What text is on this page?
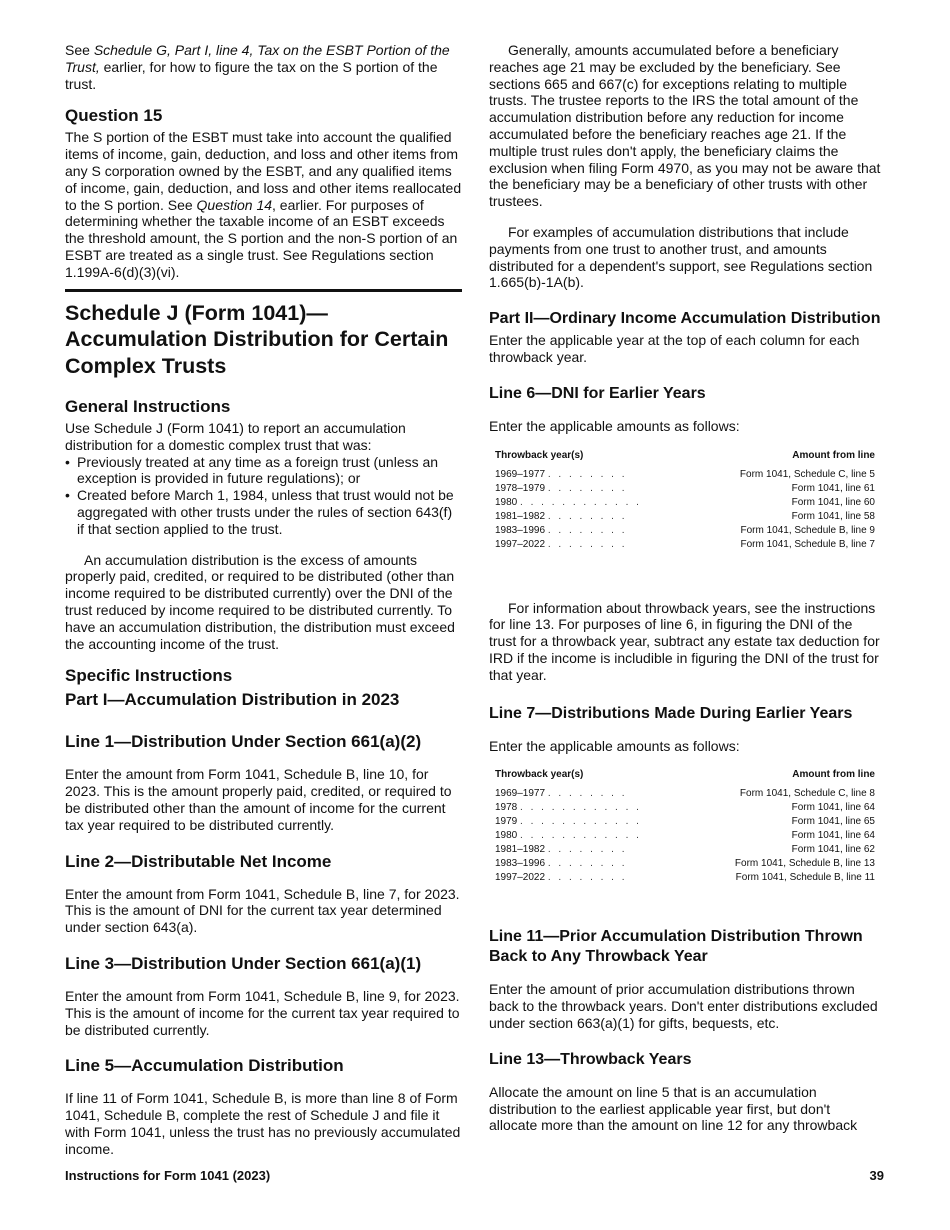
See Schedule G, Part I, line 4, Tax on the ESBT Portion of the Trust, earlier, for how to figure the tax on the S portion of the trust.

Question 15

The S portion of the ESBT must take into account the qualified items of income, gain, deduction, and loss and other items from any S corporation owned by the ESBT, and any qualified items of income, gain, deduction, and loss and other items reallocated to the S portion. See Question 14, earlier. For purposes of determining whether the taxable income of an ESBT exceeds the threshold amount, the S portion and the non-S portion of an ESBT are treated as a single trust. See Regulations section 1.199A-6(d)(3)(vi).

Schedule J (Form 1041)—Accumulation Distribution for Certain Complex Trusts
General Instructions

Use Schedule J (Form 1041) to report an accumulation distribution for a domestic complex trust that was:

• Previously treated at any time as a foreign trust (unless an exception is provided in future regulations); or
• Created before March 1, 1984, unless that trust would not be aggregated with other trusts under the rules of section 643(f) if that section applied to the trust.

An accumulation distribution is the excess of amounts properly paid, credited, or required to be distributed (other than income required to be distributed currently) over the DNI of the trust reduced by income required to be distributed currently. To have an accumulation distribution, the distribution must exceed the accounting income of the trust.

Specific Instructions
Part I—Accumulation Distribution in 2023
Line 1—Distribution Under Section 661(a)(2)

Enter the amount from Form 1041, Schedule B, line 10, for 2023. This is the amount properly paid, credited, or required to be distributed other than the amount of income for the current tax year required to be distributed currently.

Line 2—Distributable Net Income

Enter the amount from Form 1041, Schedule B, line 7, for 2023. This is the amount of DNI for the current tax year determined under section 643(a).

Line 3—Distribution Under Section 661(a)(1)

Enter the amount from Form 1041, Schedule B, line 9, for 2023. This is the amount of income for the current tax year required to be distributed currently.

Line 5—Accumulation Distribution

If line 11 of Form 1041, Schedule B, is more than line 8 of Form 1041, Schedule B, complete the rest of Schedule J and file it with Form 1041, unless the trust has no previously accumulated income.

Generally, amounts accumulated before a beneficiary reaches age 21 may be excluded by the beneficiary. See sections 665 and 667(c) for exceptions relating to multiple trusts. The trustee reports to the IRS the total amount of the accumulation distribution before any reduction for income accumulated before the beneficiary reaches age 21. If the multiple trust rules don't apply, the beneficiary claims the exclusion when filing Form 4970, as you may not be aware that the beneficiary may be a beneficiary of other trusts with other trustees.

For examples of accumulation distributions that include payments from one trust to another trust, and amounts distributed for a dependent's support, see Regulations section 1.665(b)-1A(b).

Part II—Ordinary Income Accumulation Distribution

Enter the applicable year at the top of each column for each throwback year.

Line 6—DNI for Earlier Years

Enter the applicable amounts as follows:

Throwback year(s)	Amount from line
1969–1977 . . . . . . . .	Form 1041, Schedule C, line 5
1978–1979 . . . . . . . .	Form 1041, line 61
1980 . . . . . . . . . . . .	Form 1041, line 60
1981–1982 . . . . . . . .	Form 1041, line 58
1983–1996 . . . . . . . .	Form 1041, Schedule B, line 9
1997–2022 . . . . . . . .	Form 1041, Schedule B, line 7

For information about throwback years, see the instructions for line 13. For purposes of line 6, in figuring the DNI of the trust for a throwback year, subtract any estate tax deduction for IRD if the income is includible in figuring the DNI of the trust for that year.

Line 7—Distributions Made During Earlier Years

Enter the applicable amounts as follows:

Throwback year(s)	Amount from line
1969–1977 . . . . . . . .	Form 1041, Schedule C, line 8
1978 . . . . . . . . . . . .	Form 1041, line 64
1979 . . . . . . . . . . . .	Form 1041, line 65
1980 . . . . . . . . . . . .	Form 1041, line 64
1981–1982 . . . . . . . .	Form 1041, line 62
1983–1996 . . . . . . . .	Form 1041, Schedule B, line 13
1997–2022 . . . . . . . .	Form 1041, Schedule B, line 11
Line 11—Prior Accumulation Distribution Thrown Back to Any Throwback Year

Enter the amount of prior accumulation distributions thrown back to the throwback years. Don't enter distributions excluded under section 663(a)(1) for gifts, bequests, etc.

Line 13—Throwback Years

Allocate the amount on line 5 that is an accumulation distribution to the earliest applicable year first, but don't allocate more than the amount on line 12 for any throwback

Instructions for Form 1041 (2023)	39
